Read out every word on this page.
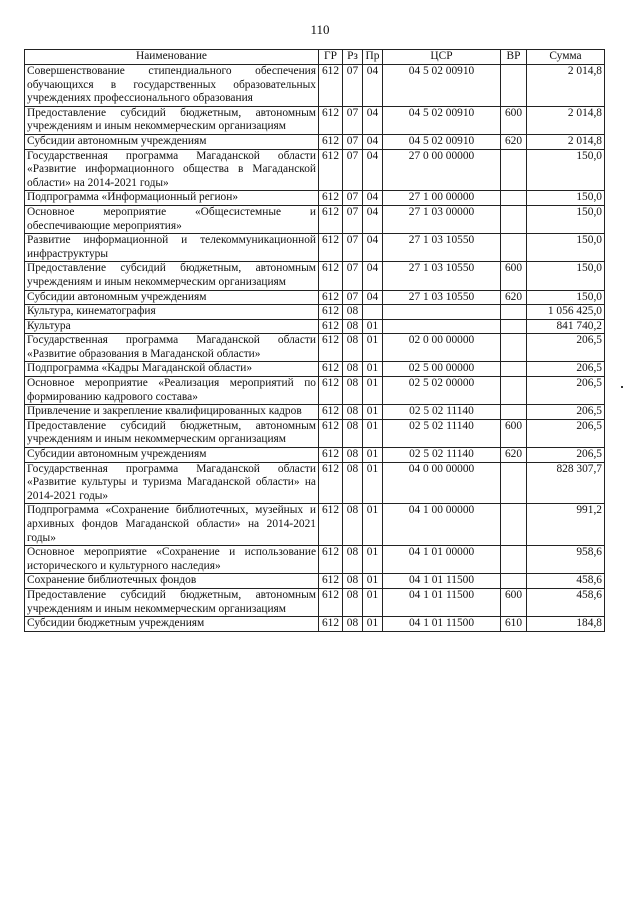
110
Наименование	ГР	Рз	Пр	ЦСР	ВР	Сумма
Совершенствование стипендиального обеспечения обучающихся в государственных образовательных учреждениях профессионального образования	612	07	04	04 5 02 00910		2 014,8
Предоставление субсидий бюджетным, автономным учреждениям и иным некоммерческим организациям	612	07	04	04 5 02 00910	600	2 014,8
Субсидии автономным учреждениям	612	07	04	04 5 02 00910	620	2 014,8
Государственная программа Магаданской области «Развитие информационного общества в Магаданской области» на 2014-2021 годы»	612	07	04	27 0 00 00000		150,0
Подпрограмма «Информационный регион»	612	07	04	27 1 00 00000		150,0
Основное мероприятие «Общесистемные и обеспечивающие мероприятия»	612	07	04	27 1 03 00000		150,0
Развитие информационной и телекоммуникационной инфраструктуры	612	07	04	27 1 03 10550		150,0
Предоставление субсидий бюджетным, автономным учреждениям и иным некоммерческим организациям	612	07	04	27 1 03 10550	600	150,0
Субсидии автономным учреждениям	612	07	04	27 1 03 10550	620	150,0
Культура, кинематография	612	08				1 056 425,0
Культура	612	08	01			841 740,2
Государственная программа Магаданской области «Развитие образования в Магаданской области»	612	08	01	02 0 00 00000		206,5
Подпрограмма «Кадры Магаданской области»	612	08	01	02 5 00 00000		206,5
Основное мероприятие «Реализация мероприятий по формированию кадрового состава»	612	08	01	02 5 02 00000		206,5
Привлечение и закрепление квалифицированных кадров	612	08	01	02 5 02 11140		206,5
Предоставление субсидий бюджетным, автономным учреждениям и иным некоммерческим организациям	612	08	01	02 5 02 11140	600	206,5
Субсидии автономным учреждениям	612	08	01	02 5 02 11140	620	206,5
Государственная программа Магаданской области «Развитие культуры и туризма Магаданской области» на 2014-2021 годы»	612	08	01	04 0 00 00000		828 307,7
Подпрограмма «Сохранение библиотечных, музейных и архивных фондов Магаданской области» на 2014-2021 годы»	612	08	01	04 1 00 00000		991,2
Основное мероприятие «Сохранение и использование исторического и культурного наследия»	612	08	01	04 1 01 00000		958,6
Сохранение библиотечных фондов	612	08	01	04 1 01 11500		458,6
Предоставление субсидий бюджетным, автономным учреждениям и иным некоммерческим организациям	612	08	01	04 1 01 11500	600	458,6
Субсидии бюджетным учреждениям	612	08	01	04 1 01 11500	610	184,8
